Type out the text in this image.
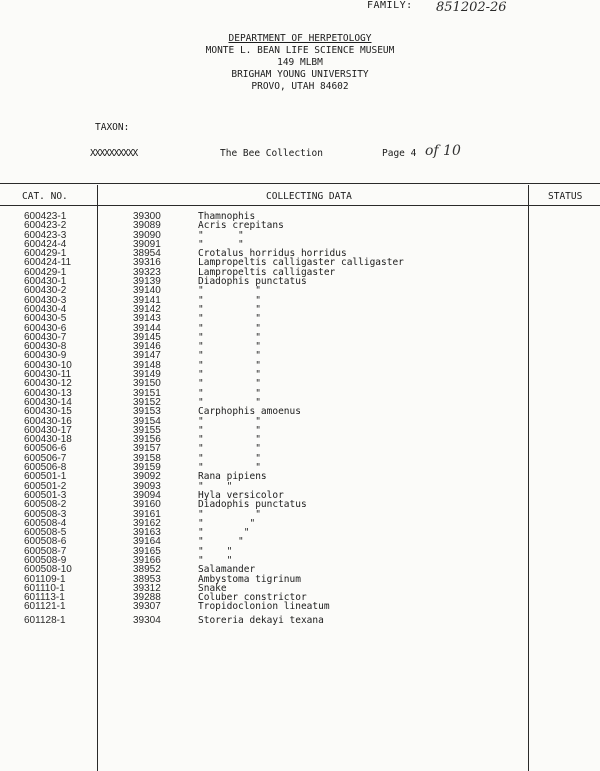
FAMILY: 851202-26
DEPARTMENT OF HERPETOLOGY
MONTE L. BEAN LIFE SCIENCE MUSEUM
149 MLBM
BRIGHAM YOUNG UNIVERSITY
PROVO, UTAH 84602
TAXON:
XXXXXXXXXX	The Bee Collection	Page 4 of 10
CAT. NO.	COLLECTING DATA	STATUS
600423-1	39300	Thamnophis
600423-2	39089	Acris crepitans
600423-3	39090	"      "
600424-4	39091	"      "
600429-1	38954	Crotalus horridus horridus
600424-11	39316	Lampropeltis calligaster calligaster
600429-1	39323	Lampropeltis calligaster
600430-1	39139	Diadophis punctatus
600430-2	39140	"         "
600430-3	39141	"         "
600430-4	39142	"         "
600430-5	39143	"         "
600430-6	39144	"         "
600430-7	39145	"         "
600430-8	39146	"         "
600430-9	39147	"         "
600430-10	39148	"         "
600430-11	39149	"         "
600430-12	39150	"         "
600430-13	39151	"         "
600430-14	39152	"         "
600430-15	39153	Carphophis amoenus
600430-16	39154	"         "
600430-17	39155	"         "
600430-18	39156	"         "
600506-6	39157	"         "
600506-7	39158	"         "
600506-8	39159	"         "
600501-1	39092	Rana pipiens
600501-2	39093	"    "
600501-3	39094	Hyla versicolor
600508-2	39160	Diadophis punctatus
600508-3	39161	"         "
600508-4	39162	"        "
600508-5	39163	"       "
600508-6	39164	"      "
600508-7	39165	"    "
600508-9	39166	"    "
600508-10	38952	Salamander
601109-1	38953	Ambystoma tigrinum
601110-1	39312	Snake
601113-1	39288	Coluber constrictor
601121-1	39307	Tropidoclonion lineatum
601128-1	39304	Storeria dekayi texana
